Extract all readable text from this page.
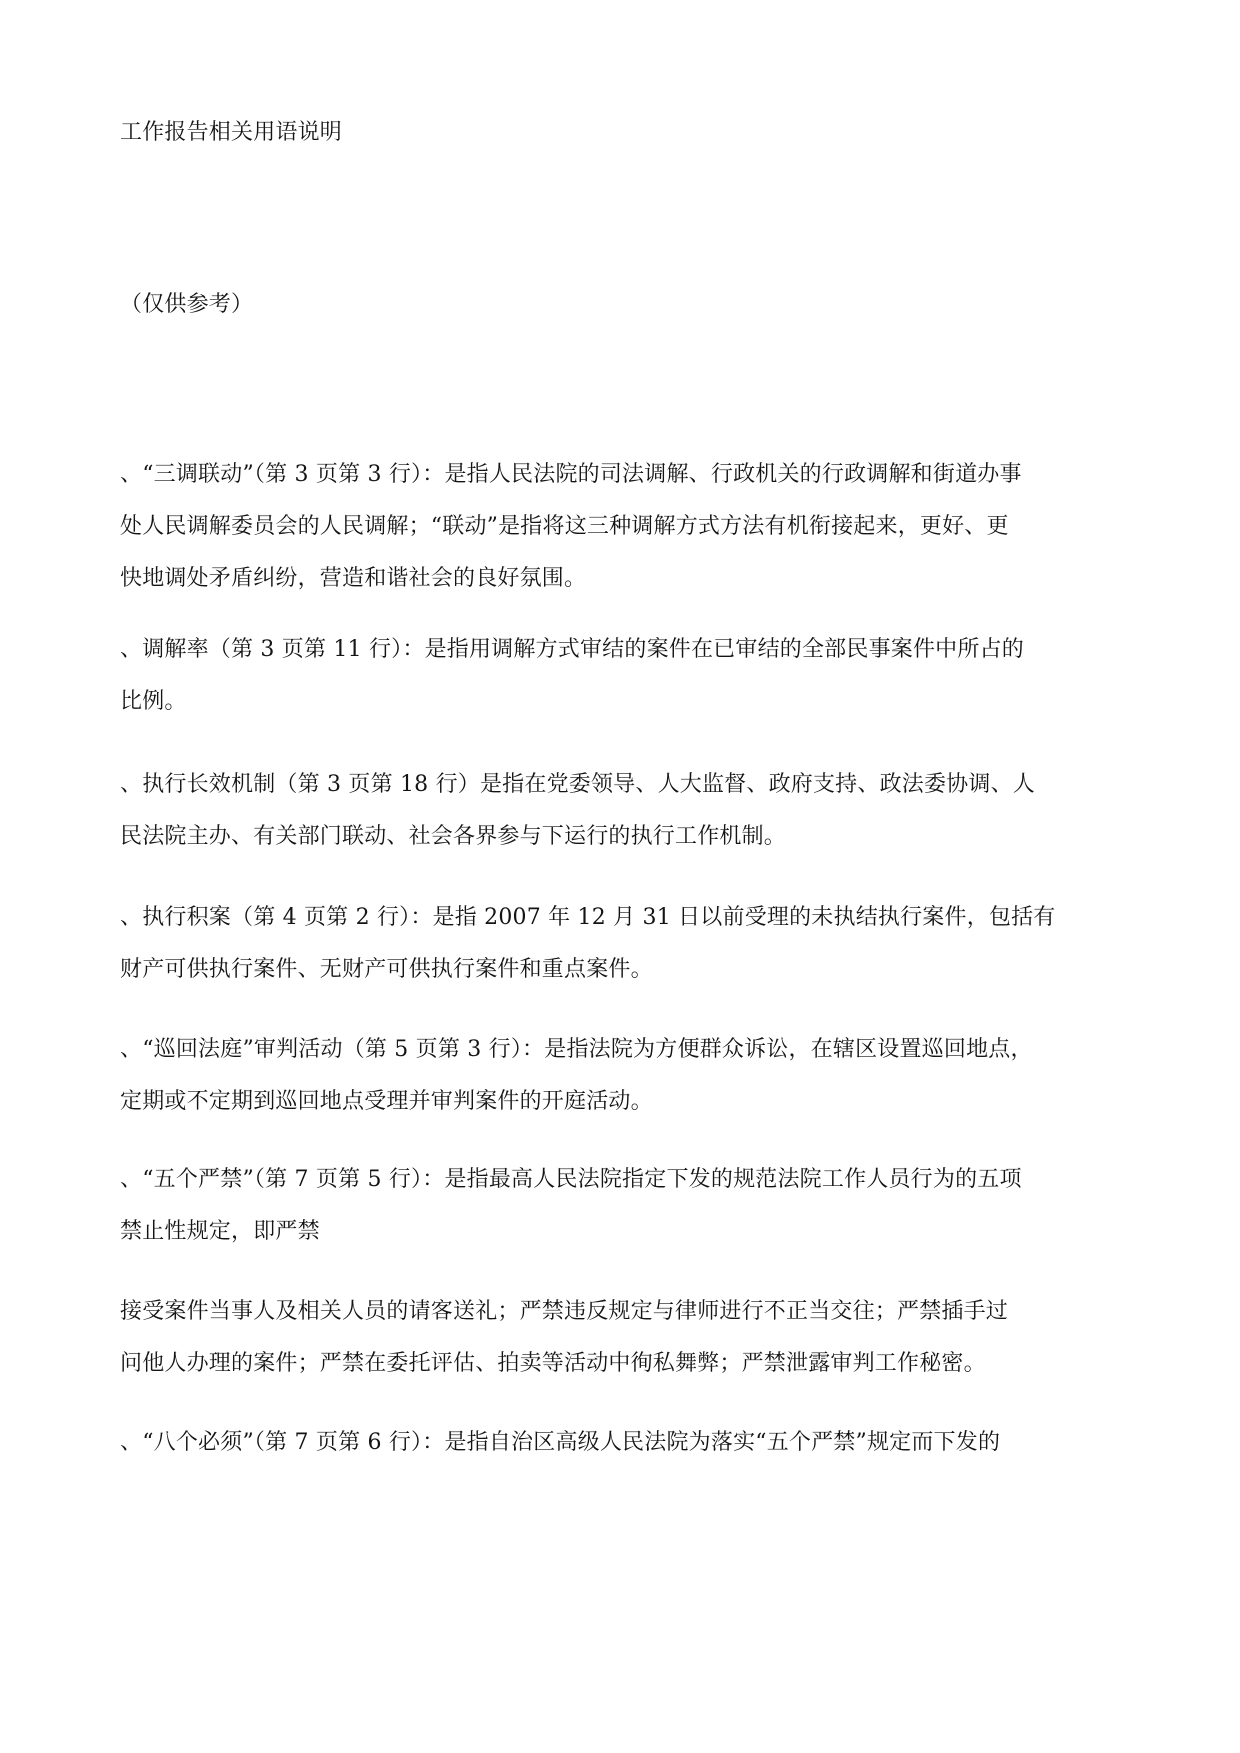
工作报告相关用语说明
（仅供参考）
、“三调联动”（第 3 页第 3 行）：是指人民法院的司法调解、行政机关的行政调解和街道办事
处人民调解委员会的人民调解；“联动”是指将这三种调解方式方法有机衔接起来，更好、更
快地调处矛盾纠纷，营造和谐社会的良好氛围。
、调解率（第 3 页第 11 行）：是指用调解方式审结的案件在已审结的全部民事案件中所占的
比例。
、执行长效机制（第 3 页第 18 行）是指在党委领导、人大监督、政府支持、政法委协调、人
民法院主办、有关部门联动、社会各界参与下运行的执行工作机制。
、执行积案（第 4 页第 2 行）：是指 2007 年 12 月 31 日以前受理的未执结执行案件，包括有
财产可供执行案件、无财产可供执行案件和重点案件。
、“巡回法庭”审判活动（第 5 页第 3 行）：是指法院为方便群众诉讼，在辖区设置巡回地点，
定期或不定期到巡回地点受理并审判案件的开庭活动。
、“五个严禁”（第 7 页第 5 行）：是指最高人民法院指定下发的规范法院工作人员行为的五项
禁止性规定，即严禁
接受案件当事人及相关人员的请客送礼；严禁违反规定与律师进行不正当交往；严禁插手过
问他人办理的案件；严禁在委托评估、拍卖等活动中徇私舞弊；严禁泄露审判工作秘密。
、“八个必须”（第 7 页第 6 行）：是指自治区高级人民法院为落实“五个严禁”规定而下发的
